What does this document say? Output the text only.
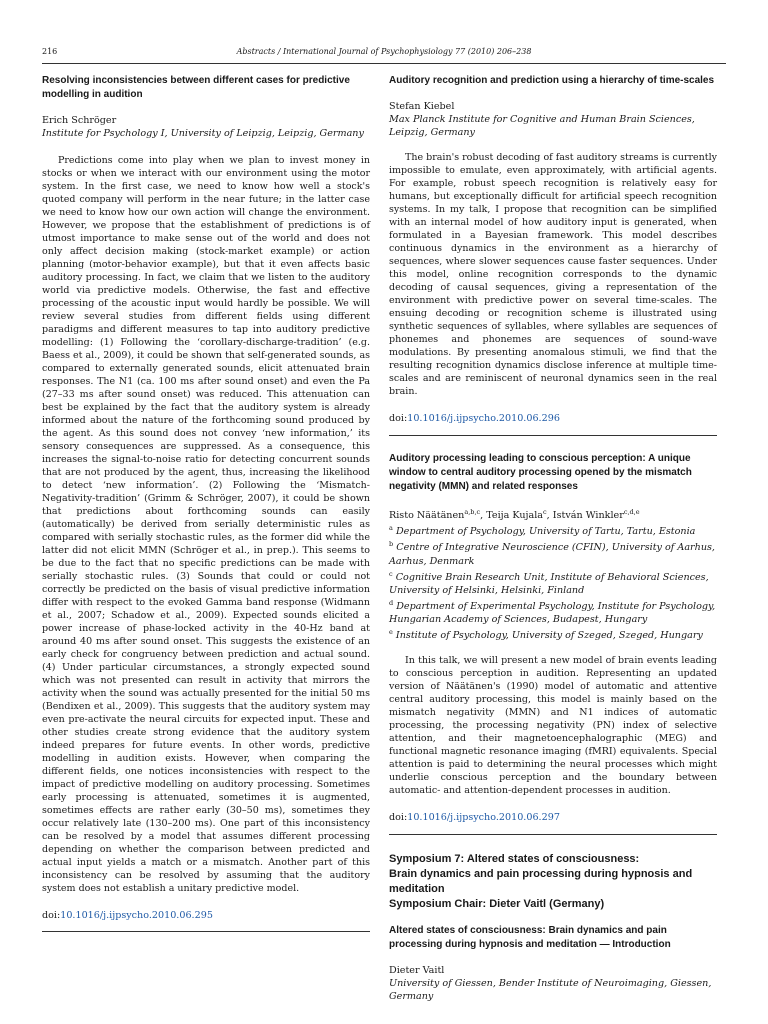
216	Abstracts / International Journal of Psychophysiology 77 (2010) 206–238
Resolving inconsistencies between different cases for predictive modelling in audition

Erich Schröger

Institute for Psychology I, University of Leipzig, Leipzig, Germany

Predictions come into play when we plan to invest money in stocks or when we interact with our environment using the motor system. In the first case, we need to know how well a stock's quoted company will perform in the near future; in the latter case we need to know how our own action will change the environment. However, we propose that the establishment of predictions is of utmost importance to make sense out of the world and does not only affect decision making (stock-market example) or action planning (motor-behavior example), but that it even affects basic auditory processing. In fact, we claim that we listen to the auditory world via predictive models. Otherwise, the fast and effective processing of the acoustic input would hardly be possible. We will review several studies from different fields using different paradigms and different measures to tap into auditory predictive modelling: (1) Following the ‘corollary-discharge-tradition’ (e.g. Baess et al., 2009), it could be shown that self-generated sounds, as compared to externally generated sounds, elicit attenuated brain responses. The N1 (ca. 100 ms after sound onset) and even the Pa (27–33 ms after sound onset) was reduced. This attenuation can best be explained by the fact that the auditory system is already informed about the nature of the forthcoming sound produced by the agent. As this sound does not convey ‘new information,’ its sensory consequences are suppressed. As a consequence, this increases the signal-to-noise ratio for detecting concurrent sounds that are not produced by the agent, thus, increasing the likelihood to detect ‘new information’. (2) Following the ‘Mismatch-Negativity-tradition’ (Grimm & Schröger, 2007), it could be shown that predictions about forthcoming sounds can easily (automatically) be derived from serially deterministic rules as compared with serially stochastic rules, as the former did while the latter did not elicit MMN (Schröger et al., in prep.). This seems to be due to the fact that no specific predictions can be made with serially stochastic rules. (3) Sounds that could or could not correctly be predicted on the basis of visual predictive information differ with respect to the evoked Gamma band response (Widmann et al., 2007; Schadow et al., 2009). Expected sounds elicited a power increase of phase-locked activity in the 40-Hz band at around 40 ms after sound onset. This suggests the existence of an early check for congruency between prediction and actual sound. (4) Under particular circumstances, a strongly expected sound which was not presented can result in activity that mirrors the activity when the sound was actually presented for the initial 50 ms (Bendixen et al., 2009). This suggests that the auditory system may even pre-activate the neural circuits for expected input. These and other studies create strong evidence that the auditory system indeed prepares for future events. In other words, predictive modelling in audition exists. However, when comparing the different fields, one notices inconsistencies with respect to the impact of predictive modelling on auditory processing. Sometimes early processing is attenuated, sometimes it is augmented, sometimes effects are rather early (30–50 ms), sometimes they occur relatively late (130–200 ms). One part of this inconsistency can be resolved by a model that assumes different processing depending on whether the comparison between predicted and actual input yields a match or a mismatch. Another part of this inconsistency can be resolved by assuming that the auditory system does not establish a unitary predictive model.

doi:10.1016/j.ijpsycho.2010.06.295

Auditory recognition and prediction using a hierarchy of time-scales

Stefan Kiebel

Max Planck Institute for Cognitive and Human Brain Sciences, Leipzig, Germany

The brain's robust decoding of fast auditory streams is currently impossible to emulate, even approximately, with artificial agents. For example, robust speech recognition is relatively easy for humans, but exceptionally difficult for artificial speech recognition systems. In my talk, I propose that recognition can be simplified with an internal model of how auditory input is generated, when formulated in a Bayesian framework. This model describes continuous dynamics in the environment as a hierarchy of sequences, where slower sequences cause faster sequences. Under this model, online recognition corresponds to the dynamic decoding of causal sequences, giving a representation of the environment with predictive power on several time-scales. The ensuing decoding or recognition scheme is illustrated using synthetic sequences of syllables, where syllables are sequences of phonemes and phonemes are sequences of sound-wave modulations. By presenting anomalous stimuli, we find that the resulting recognition dynamics disclose inference at multiple time-scales and are reminiscent of neuronal dynamics seen in the real brain.

doi:10.1016/j.ijpsycho.2010.06.296

Auditory processing leading to conscious perception: A unique window to central auditory processing opened by the mismatch negativity (MMN) and related responses

Risto Näätänen$^{a,b,c}$, Teija Kujala$^c$, István Winkler$^{c,d,e}$

$^a$ Department of Psychology, University of Tartu, Tartu, Estonia

$^b$ Centre of Integrative Neuroscience (CFIN), University of Aarhus, Aarhus, Denmark

$^c$ Cognitive Brain Research Unit, Institute of Behavioral Sciences, University of Helsinki, Helsinki, Finland

$^d$ Department of Experimental Psychology, Institute for Psychology, Hungarian Academy of Sciences, Budapest, Hungary

$^e$ Institute of Psychology, University of Szeged, Szeged, Hungary

In this talk, we will present a new model of brain events leading to conscious perception in audition. Representing an updated version of Näätänen's (1990) model of automatic and attentive central auditory processing, this model is mainly based on the mismatch negativity (MMN) and N1 indices of automatic processing, the processing negativity (PN) index of selective attention, and their magnetoencephalographic (MEG) and functional magnetic resonance imaging (fMRI) equivalents. Special attention is paid to determining the neural processes which might underlie conscious perception and the boundary between automatic- and attention-dependent processes in audition.

doi:10.1016/j.ijpsycho.2010.06.297

Symposium 7: Altered states of consciousness:

Brain dynamics and pain processing during hypnosis and meditation

Symposium Chair: Dieter Vaitl (Germany)

Altered states of consciousness: Brain dynamics and pain processing during hypnosis and meditation — Introduction

Dieter Vaitl

University of Giessen, Bender Institute of Neuroimaging, Giessen, Germany
